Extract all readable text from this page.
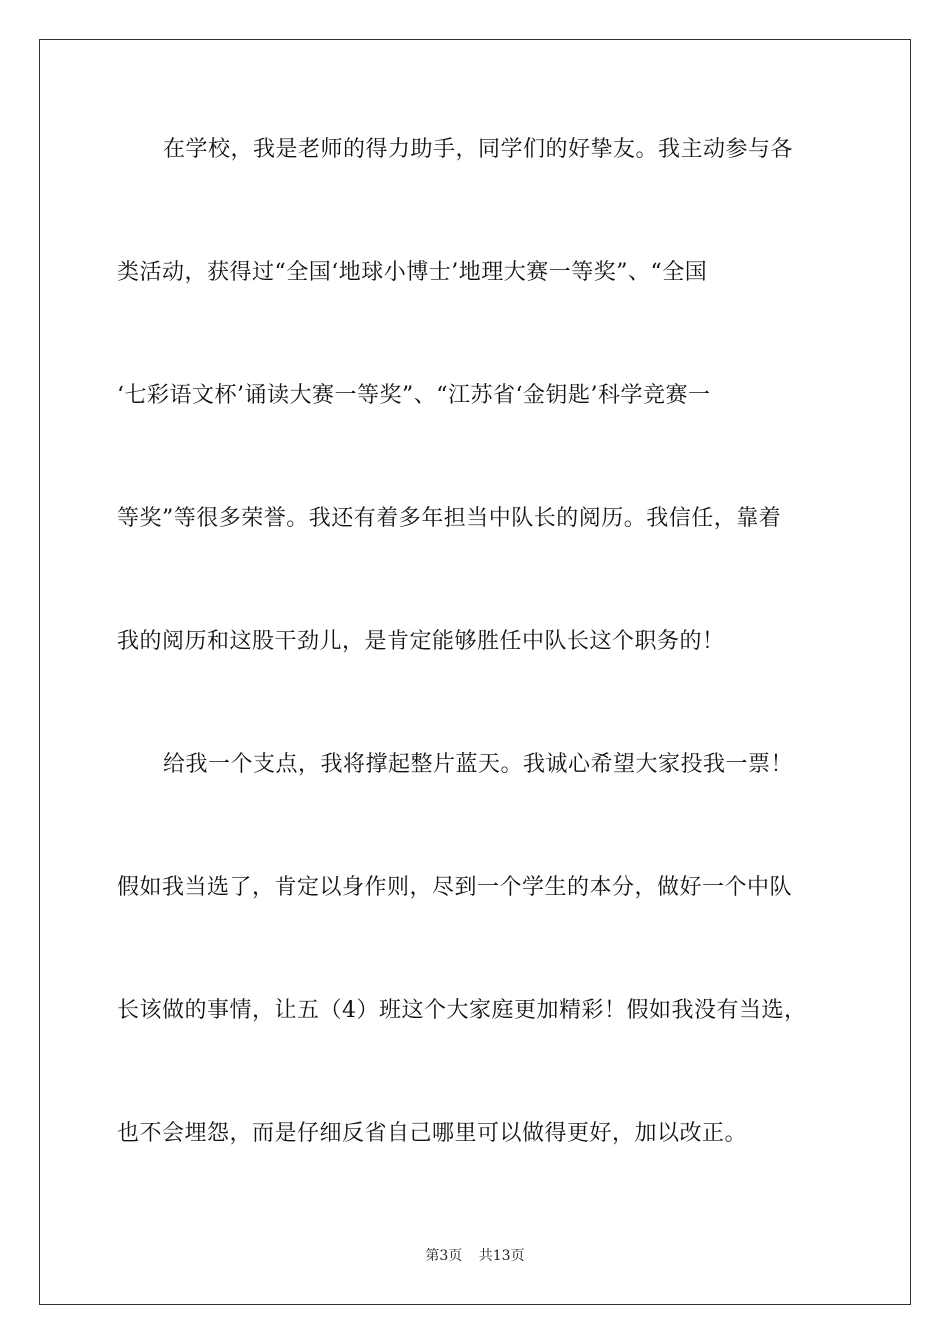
在学校，我是老师的得力助手，同学们的好挚友。我主动参与各
类活动，获得过“全国‘地球小博士’地理大赛一等奖”、“全国
‘七彩语文杯’诵读大赛一等奖”、“江苏省‘金钥匙’科学竞赛一
等奖”等很多荣誉。我还有着多年担当中队长的阅历。我信任，靠着
我的阅历和这股干劲儿，是肯定能够胜任中队长这个职务的！
给我一个支点，我将撑起整片蓝天。我诚心希望大家投我一票！
假如我当选了，肯定以身作则，尽到一个学生的本分，做好一个中队
长该做的事情，让五（4）班这个大家庭更加精彩！假如我没有当选，
也不会埋怨，而是仔细反省自己哪里可以做得更好，加以改正。
第3页 共13页
